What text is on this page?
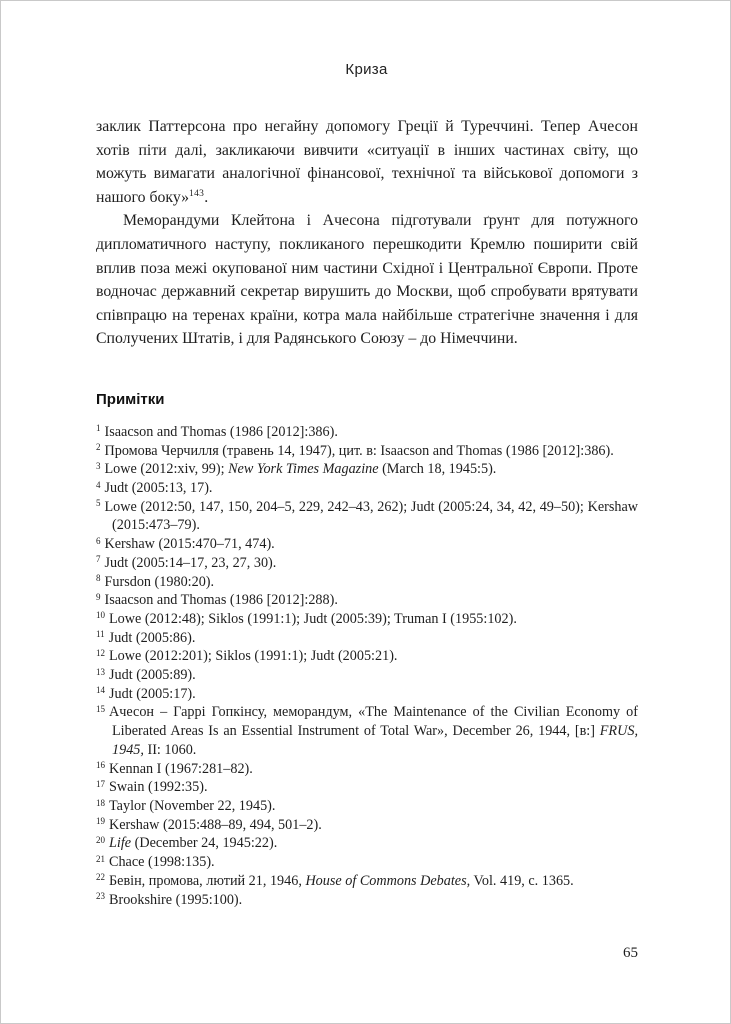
Криза

заклик Паттерсона про негайну допомогу Греції й Туреччині. Тепер Ачесон хотів піти далі, закликаючи вивчити «ситуації в інших частинах світу, що можуть вимагати аналогічної фінансової, технічної та військової допомоги з нашого боку»$^{143}$.

Меморандуми Клейтона і Ачесона підготували ґрунт для потужного дипломатичного наступу, покликаного перешкодити Кремлю поширити свій вплив поза межі окупованої ним частини Східної і Центральної Європи. Проте водночас державний секретар вирушить до Москви, щоб спробувати врятувати співпрацю на теренах країни, котра мала найбільше стратегічне значення і для Сполучених Штатів, і для Радянського Союзу – до Німеччини.

Примітки
$^1$ Isaacson and Thomas (1986 [2012]:386).
$^2$ Промова Черчилля (травень 14, 1947), цит. в: Isaacson and Thomas (1986 [2012]:386).
$^3$ Lowe (2012:xiv, 99); New York Times Magazine (March 18, 1945:5).
$^4$ Judt (2005:13, 17).
$^5$ Lowe (2012:50, 147, 150, 204–5, 229, 242–43, 262); Judt (2005:24, 34, 42, 49–50); Kershaw (2015:473–79).
$^6$ Kershaw (2015:470–71, 474).
$^7$ Judt (2005:14–17, 23, 27, 30).
$^8$ Fursdon (1980:20).
$^9$ Isaacson and Thomas (1986 [2012]:288).
$^{10}$ Lowe (2012:48); Siklos (1991:1); Judt (2005:39); Truman I (1955:102).
$^{11}$ Judt (2005:86).
$^{12}$ Lowe (2012:201); Siklos (1991:1); Judt (2005:21).
$^{13}$ Judt (2005:89).
$^{14}$ Judt (2005:17).
$^{15}$ Ачесон – Гаррі Гопкінсу, меморандум, «The Maintenance of the Civilian Economy of Liberated Areas Is an Essential Instrument of Total War», December 26, 1944, [в:] FRUS, 1945, II: 1060.
$^{16}$ Kennan I (1967:281–82).
$^{17}$ Swain (1992:35).
$^{18}$ Taylor (November 22, 1945).
$^{19}$ Kershaw (2015:488–89, 494, 501–2).
$^{20}$ Life (December 24, 1945:22).
$^{21}$ Chace (1998:135).
$^{22}$ Бевін, промова, лютий 21, 1946, House of Commons Debates, Vol. 419, с. 1365.
$^{23}$ Brookshire (1995:100).
65
